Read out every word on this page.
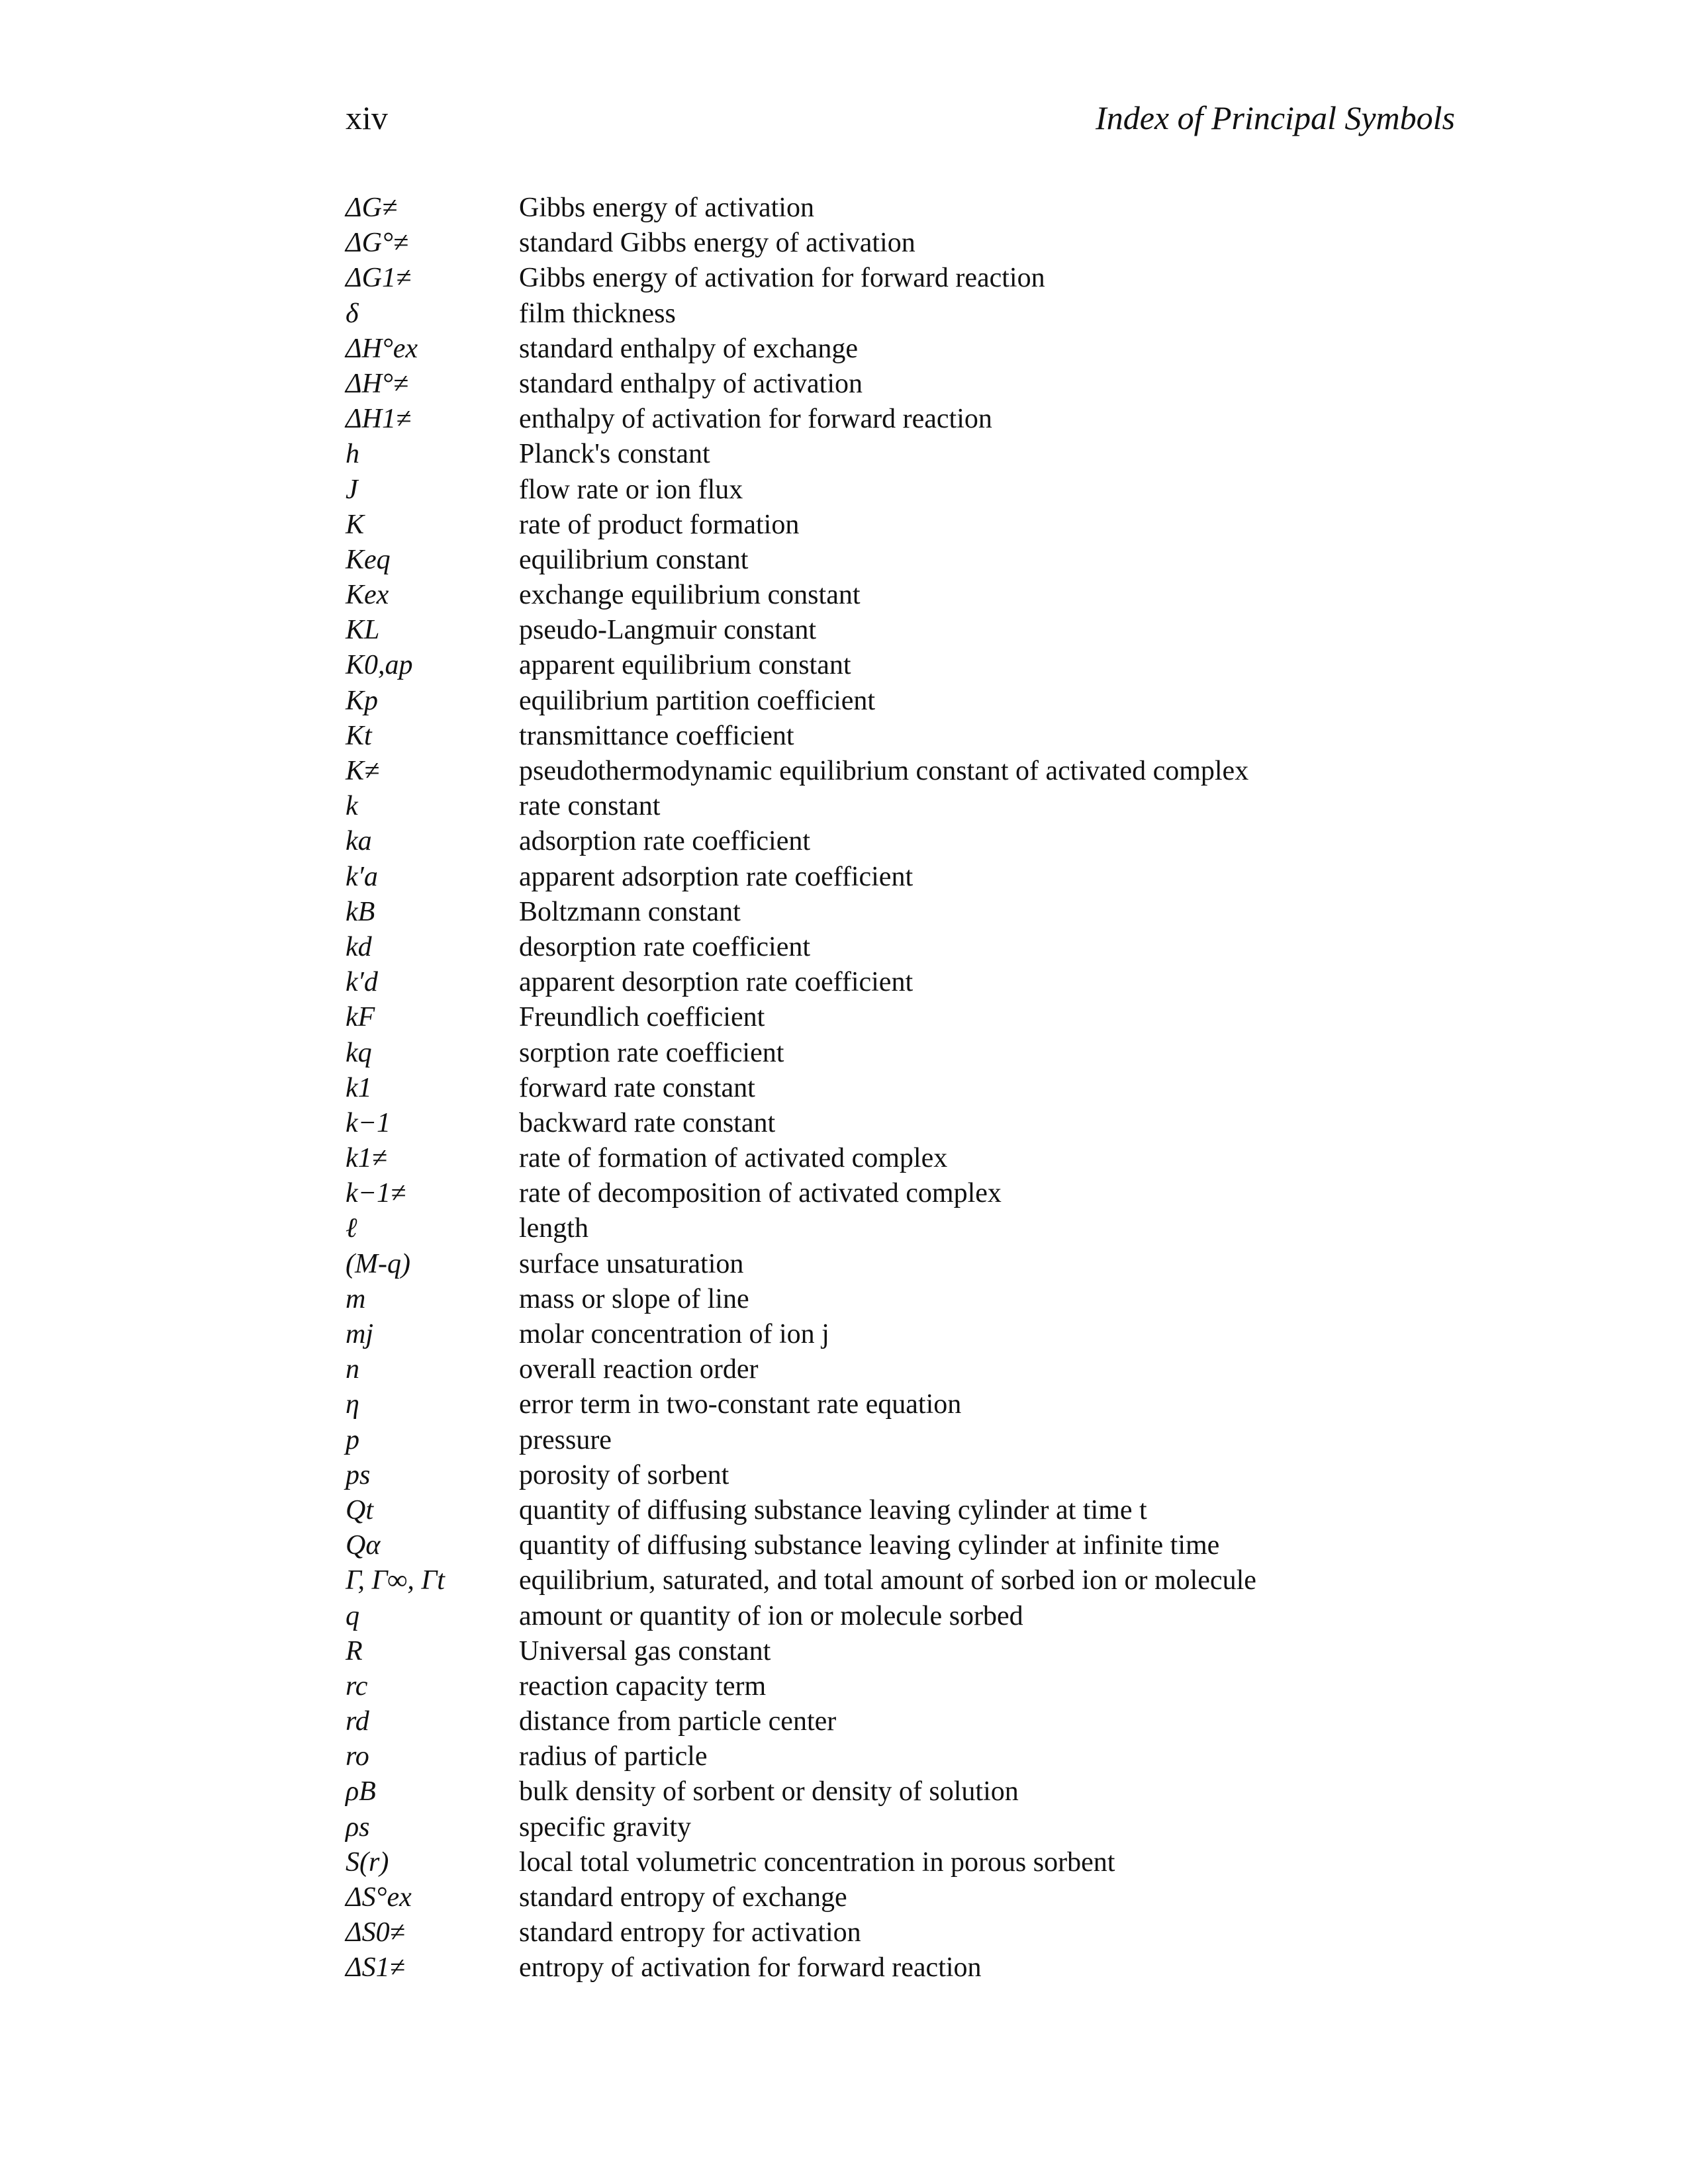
xiv	Index of Principal Symbols
ΔG≠	Gibbs energy of activation
ΔG°≠	standard Gibbs energy of activation
ΔG1≠	Gibbs energy of activation for forward reaction
δ	film thickness
ΔH°ex	standard enthalpy of exchange
ΔH°≠	standard enthalpy of activation
ΔH1≠	enthalpy of activation for forward reaction
h	Planck's constant
J	flow rate or ion flux
K	rate of product formation
Keq	equilibrium constant
Kex	exchange equilibrium constant
KL	pseudo-Langmuir constant
K0,ap	apparent equilibrium constant
Kp	equilibrium partition coefficient
Kt	transmittance coefficient
K≠	pseudothermodynamic equilibrium constant of activated complex
k	rate constant
ka	adsorption rate coefficient
k′a	apparent adsorption rate coefficient
kB	Boltzmann constant
kd	desorption rate coefficient
k′d	apparent desorption rate coefficient
kF	Freundlich coefficient
kq	sorption rate coefficient
k1	forward rate constant
k−1	backward rate constant
k1≠	rate of formation of activated complex
k−1≠	rate of decomposition of activated complex
ℓ	length
(M-q)	surface unsaturation
m	mass or slope of line
mj	molar concentration of ion j
n	overall reaction order
η	error term in two-constant rate equation
p	pressure
ps	porosity of sorbent
Qt	quantity of diffusing substance leaving cylinder at time t
Qα	quantity of diffusing substance leaving cylinder at infinite time
Γ, Γ∞, Γt	equilibrium, saturated, and total amount of sorbed ion or molecule
q	amount or quantity of ion or molecule sorbed
R	Universal gas constant
rc	reaction capacity term
rd	distance from particle center
ro	radius of particle
ρB	bulk density of sorbent or density of solution
ρs	specific gravity
S(r)	local total volumetric concentration in porous sorbent
ΔS°ex	standard entropy of exchange
ΔS0≠	standard entropy for activation
ΔS1≠	entropy of activation for forward reaction
